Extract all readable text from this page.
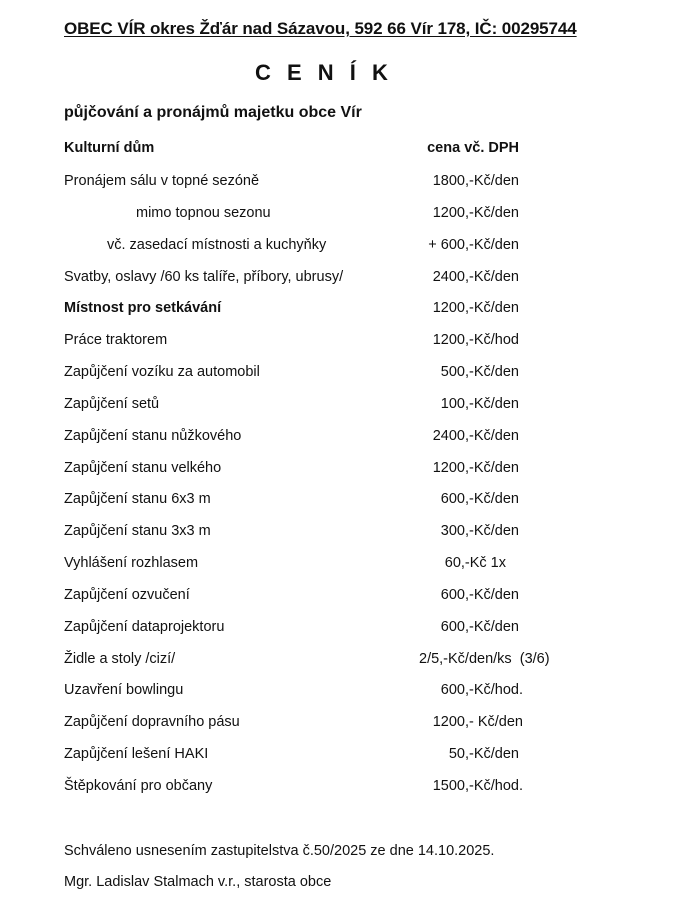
OBEC VÍR okres Žďár nad Sázavou, 592 66 Vír 178, IČ: 00295744
C E N Í K
půjčování a pronájmů majetku obce Vír
Kulturní dům	cena vč. DPH
Pronájem sálu v topné sezóně	1800,-Kč/den
mimo topnou sezonu	1200,-Kč/den
vč. zasedací místnosti a kuchyňky	+ 600,-Kč/den
Svatby, oslavy /60 ks talíře, příbory, ubrusy/	2400,-Kč/den
Místnost pro setkávání	1200,-Kč/den
Práce traktorem	1200,-Kč/hod
Zapůjčení vozíku za automobil	500,-Kč/den
Zapůjčení setů	100,-Kč/den
Zapůjčení stanu nůžkového	2400,-Kč/den
Zapůjčení stanu velkého	1200,-Kč/den
Zapůjčení stanu 6x3 m	600,-Kč/den
Zapůjčení stanu 3x3 m	300,-Kč/den
Vyhlášení rozhlasem	60,-Kč 1x
Zapůjčení ozvučení	600,-Kč/den
Zapůjčení dataprojektoru	600,-Kč/den
Židle a stoly /cizí/	2/5,-Kč/den/ks  (3/6)
Uzavření bowlingu	600,-Kč/hod.
Zapůjčení dopravního pásu	1200,- Kč/den
Zapůjčení lešení HAKI	50,-Kč/den
Štěpkování pro občany	1500,-Kč/hod.
Schváleno usnesením zastupitelstva č.50/2025 ze dne 14.10.2025.
Mgr. Ladislav Stalmach v.r., starosta obce
